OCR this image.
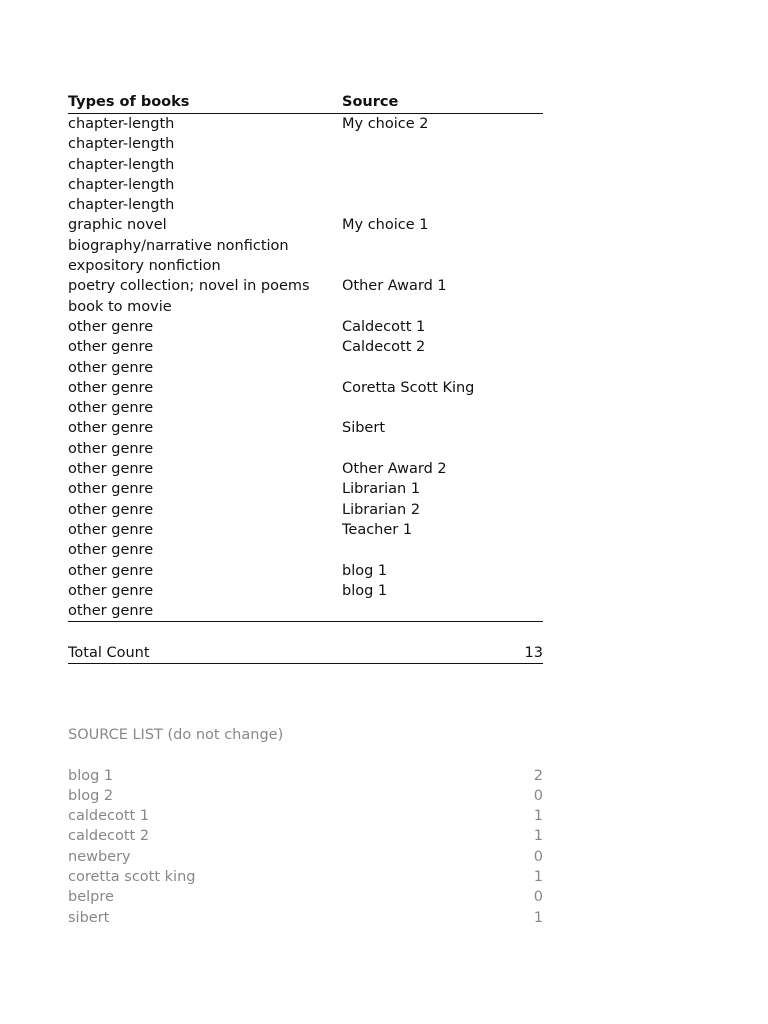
Types of books	Source
chapter-length	My choice 2
chapter-length
chapter-length
chapter-length
chapter-length
graphic novel	My choice 1
biography/narrative nonfiction
expository nonfiction
poetry collection; novel in poems	Other Award 1
book to movie
other genre	Caldecott 1
other genre	Caldecott 2
other genre
other genre	Coretta Scott King
other genre
other genre	Sibert
other genre
other genre	Other Award 2
other genre	Librarian 1
other genre	Librarian 2
other genre	Teacher 1
other genre
other genre	blog 1
other genre	blog 1
other genre
Total Count	13
SOURCE LIST (do not change)
blog 1	2
blog 2	0
caldecott 1	1
caldecott 2	1
newbery	0
coretta scott king	1
belpre	0
sibert	1
